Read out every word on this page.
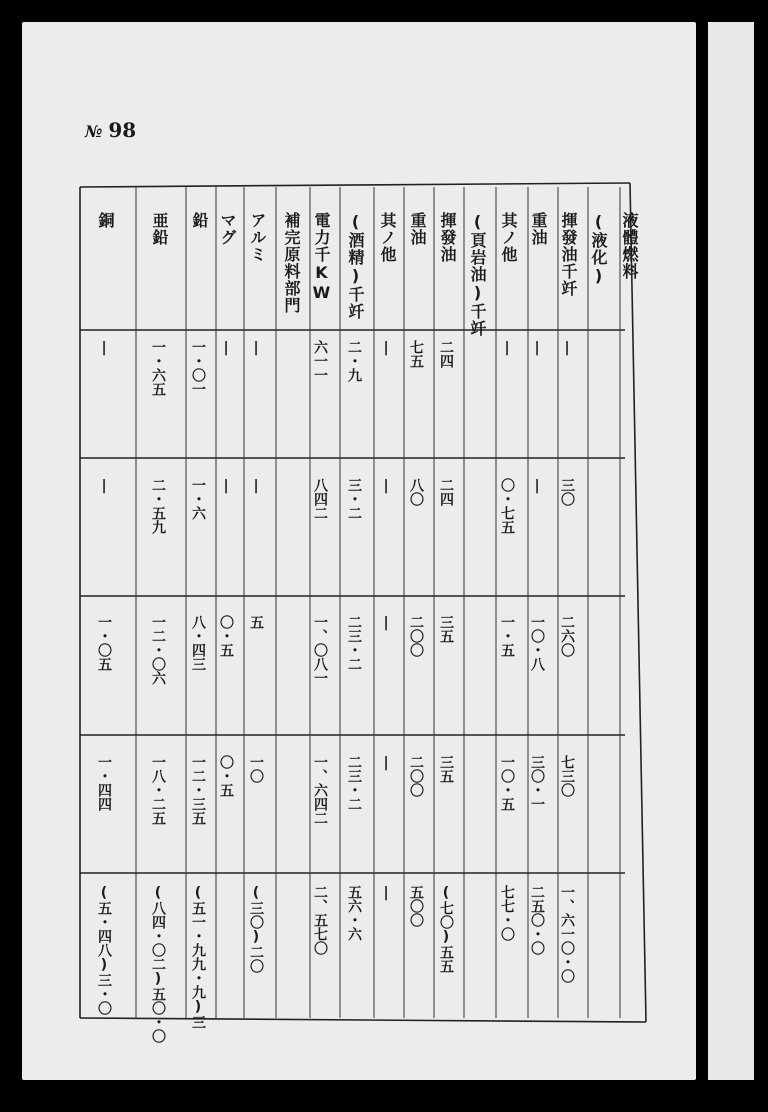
№ 98
液體燃料
(液化)
揮發油千竏
重油
其ノ他
(頁岩油)千竏
揮發油
重油
其ノ他
(酒精)千竏
電力千KW
補完原料部門
アルミ
マグ
鉛
亜鉛
銅
|
|
|
二四
七五
|
二・九
六一一
|
|
一・〇一
一・六五
|
三〇
|
〇・七五
二四
八〇
|
三・二
八四二
|
|
一・六
二・五九
|
二六〇
一〇・八
一・五
三五
二〇〇
|
二三・二
一、〇八一
五
〇・五
八・四三
一二・〇六
一・〇五
七三〇
三〇・一
一〇・五
三五
二〇〇
|
二三・二
一、六四二
一〇
〇・五
一二・三五
一八・二五
一・四四
一、六一〇・〇
二五〇・〇
七七・〇
(七〇)五五
五〇〇
|
五六・六
二、五七〇
(三〇)二〇
(五一・九九・九)三
(八四・〇二)五〇・〇
(五・四八)三・〇
